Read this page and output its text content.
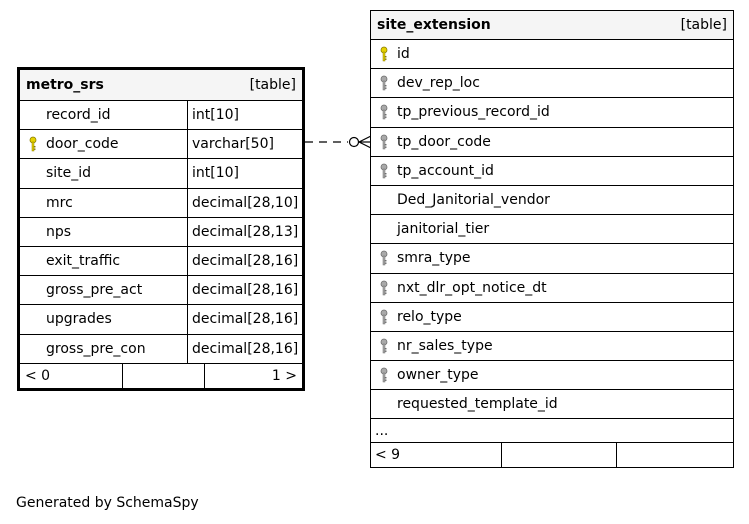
metro_srs	[table]
record_id	int[10]
door_code	varchar[50]
site_id	int[10]
mrc	decimal[28,10]
nps	decimal[28,13]
exit_traffic	decimal[28,16]
gross_pre_act	decimal[28,16]
upgrades	decimal[28,16]
gross_pre_con	decimal[28,16]
< 0	1 >
site_extension	[table]
id
dev_rep_loc
tp_previous_record_id
tp_door_code
tp_account_id
Ded_Janitorial_vendor
janitorial_tier
smra_type
nxt_dlr_opt_notice_dt
relo_type
nr_sales_type
owner_type
requested_template_id
...
< 9
Generated by SchemaSpy
